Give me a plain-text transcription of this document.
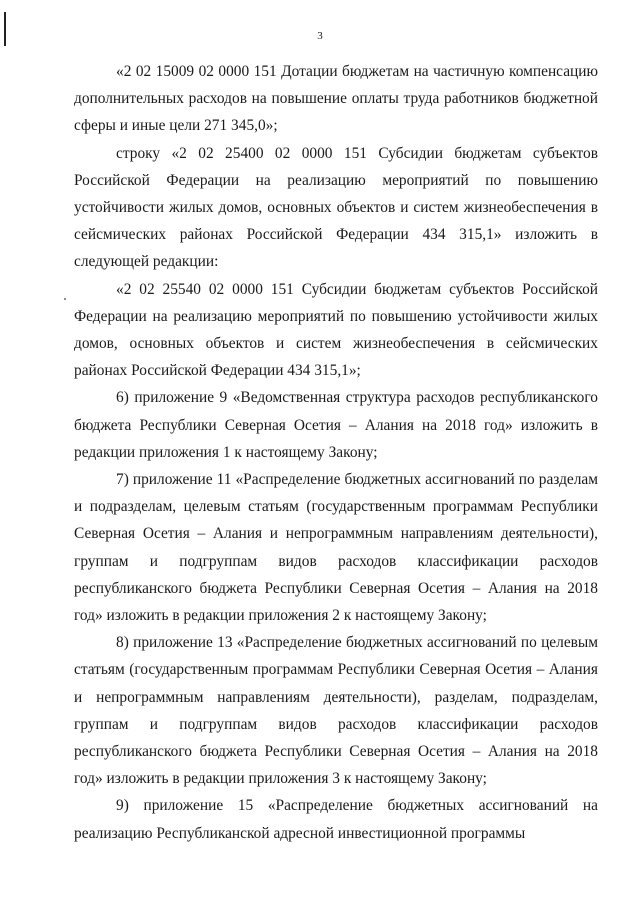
3

«2 02 15009 02 0000 151 Дотации бюджетам на частичную компенсацию дополнительных расходов на повышение оплаты труда работников бюджетной сферы и иные цели 271 345,0»;

строку «2 02 25400 02 0000 151 Субсидии бюджетам субъектов Российской Федерации на реализацию мероприятий по повышению устойчивости жилых домов, основных объектов и систем жизнеобеспечения в сейсмических районах Российской Федерации 434 315,1» изложить в следующей редакции:

«2 02 25540 02 0000 151 Субсидии бюджетам субъектов Российской Федерации на реализацию мероприятий по повышению устойчивости жилых домов, основных объектов и систем жизнеобеспечения в сейсмических районах Российской Федерации 434 315,1»;

6) приложение 9 «Ведомственная структура расходов республиканского бюджета Республики Северная Осетия – Алания на 2018 год» изложить в редакции приложения 1 к настоящему Закону;

7) приложение 11 «Распределение бюджетных ассигнований по разделам и подразделам, целевым статьям (государственным программам Республики Северная Осетия – Алания и непрограммным направлениям деятельности), группам и подгруппам видов расходов классификации расходов республиканского бюджета Республики Северная Осетия – Алания на 2018 год» изложить в редакции приложения 2 к настоящему Закону;

8) приложение 13 «Распределение бюджетных ассигнований по целевым статьям (государственным программам Республики Северная Осетия – Алания и непрограммным направлениям деятельности), разделам, подразделам, группам и подгруппам видов расходов классификации расходов республиканского бюджета Республики Северная Осетия – Алания на 2018 год» изложить в редакции приложения 3 к настоящему Закону;

9) приложение 15 «Распределение бюджетных ассигнований на реализацию Республиканской адресной инвестиционной программы
